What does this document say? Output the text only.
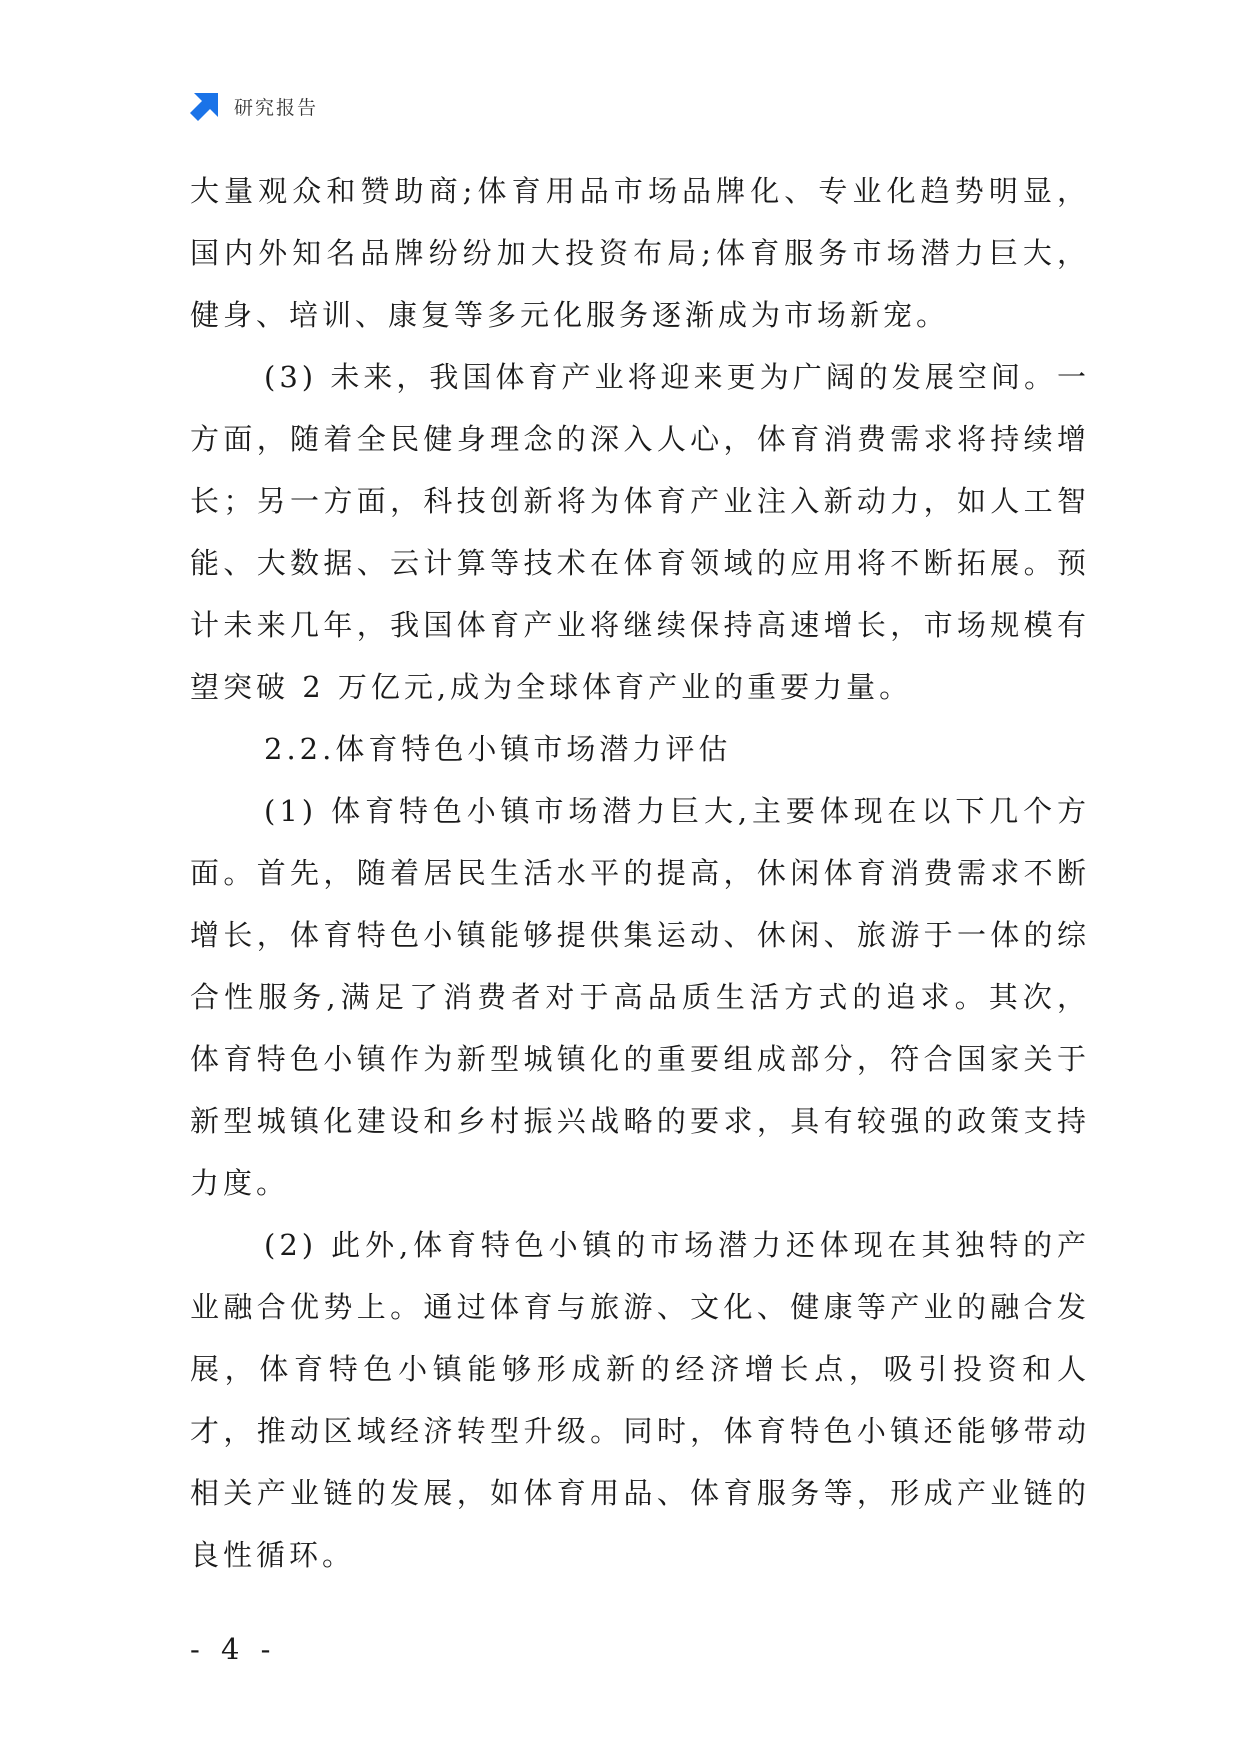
研究报告

大量观众和赞助商;体育用品市场品牌化、专业化趋势明显，国内外知名品牌纷纷加大投资布局;体育服务市场潜力巨大，健身、培训、康复等多元化服务逐渐成为市场新宠。

(3) 未来，我国体育产业将迎来更为广阔的发展空间。一方面，随着全民健身理念的深入人心，体育消费需求将持续增长；另一方面，科技创新将为体育产业注入新动力，如人工智能、大数据、云计算等技术在体育领域的应用将不断拓展。预计未来几年，我国体育产业将继续保持高速增长，市场规模有望突破 2 万亿元,成为全球体育产业的重要力量。

2.2.体育特色小镇市场潜力评估

(1) 体育特色小镇市场潜力巨大,主要体现在以下几个方面。首先，随着居民生活水平的提高，休闲体育消费需求不断增长，体育特色小镇能够提供集运动、休闲、旅游于一体的综合性服务,满足了消费者对于高品质生活方式的追求。其次，体育特色小镇作为新型城镇化的重要组成部分，符合国家关于新型城镇化建设和乡村振兴战略的要求，具有较强的政策支持力度。

(2) 此外,体育特色小镇的市场潜力还体现在其独特的产业融合优势上。通过体育与旅游、文化、健康等产业的融合发展，体育特色小镇能够形成新的经济增长点，吸引投资和人才，推动区域经济转型升级。同时，体育特色小镇还能够带动相关产业链的发展，如体育用品、体育服务等，形成产业链的良性循环。

- 4 -
